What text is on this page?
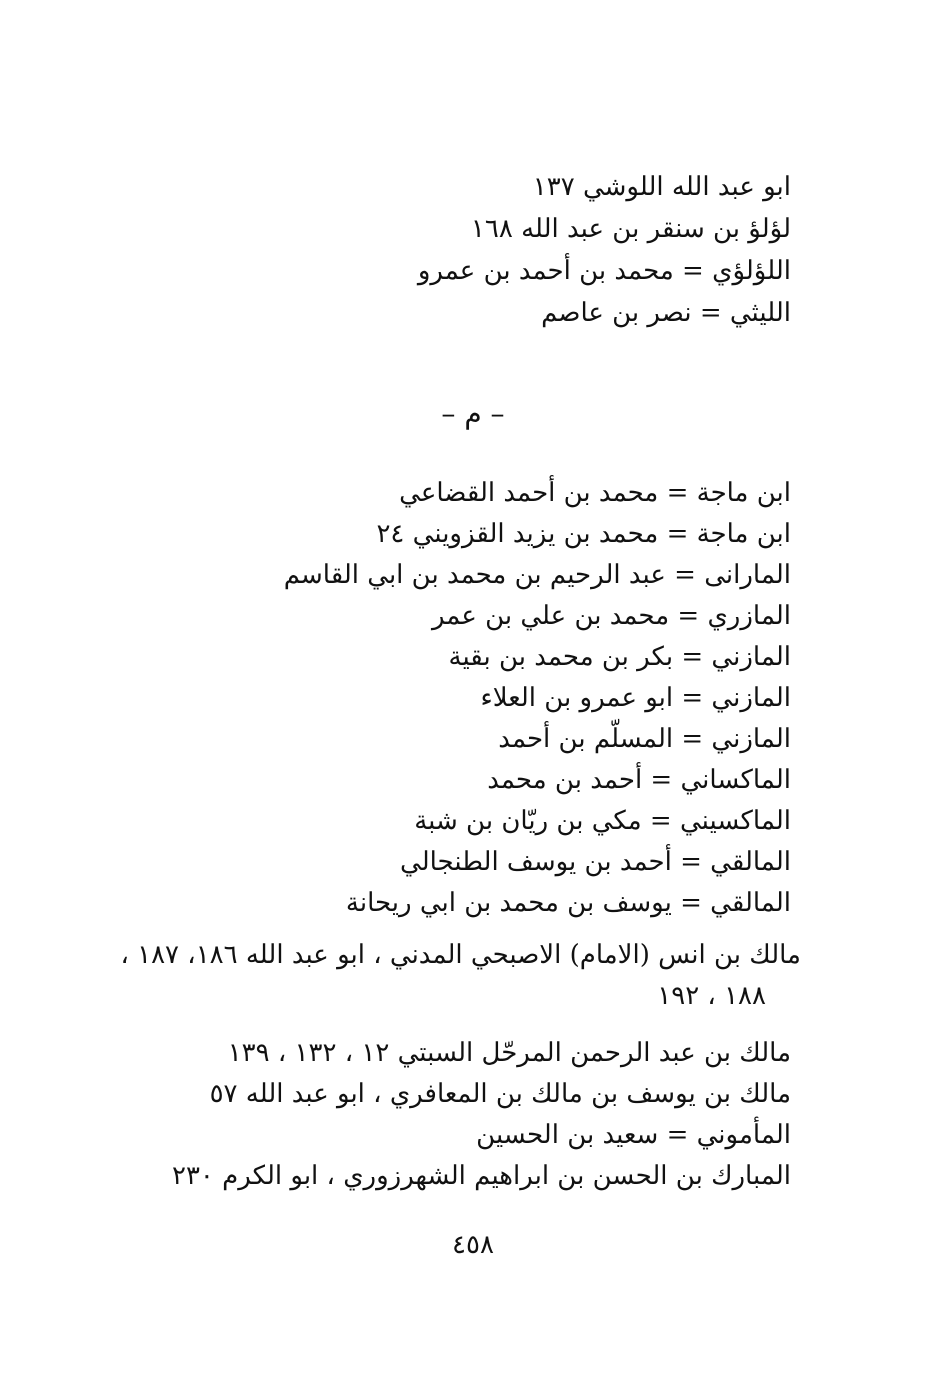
ابو عبد الله اللوشي ١٣٧
لؤلؤ بن سنقر بن عبد الله ١٦٨
اللؤلؤي = محمد بن أحمد بن عمرو
الليثي = نصر بن عاصم
– م –
ابن ماجة = محمد بن أحمد القضاعي
ابن ماجة = محمد بن يزيد القزويني ٢٤
المارانى = عبد الرحيم بن محمد بن ابي القاسم
المازري = محمد بن علي بن عمر
المازني = بكر بن محمد بن بقية
المازني = ابو عمرو بن العلاء
المازني = المسلّم بن أحمد
الماكساني = أحمد بن محمد
الماكسيني = مكي بن ريّان بن شبة
المالقي = أحمد بن يوسف الطنجالي
المالقي = يوسف بن محمد بن ابي ريحانة
مالك بن انس (الامام) الاصبحي المدني ، ابو عبد الله ١٨٦، ١٨٧ ،
١٨٨ ، ١٩٢
مالك بن عبد الرحمن المرحّل السبتي ١٢ ، ١٣٢ ، ١٣٩
مالك بن يوسف بن مالك بن المعافري ، ابو عبد الله ٥٧
المأموني = سعيد بن الحسين
المبارك بن الحسن بن ابراهيم الشهرزوري ، ابو الكرم ٢٣٠
٤٥٨
